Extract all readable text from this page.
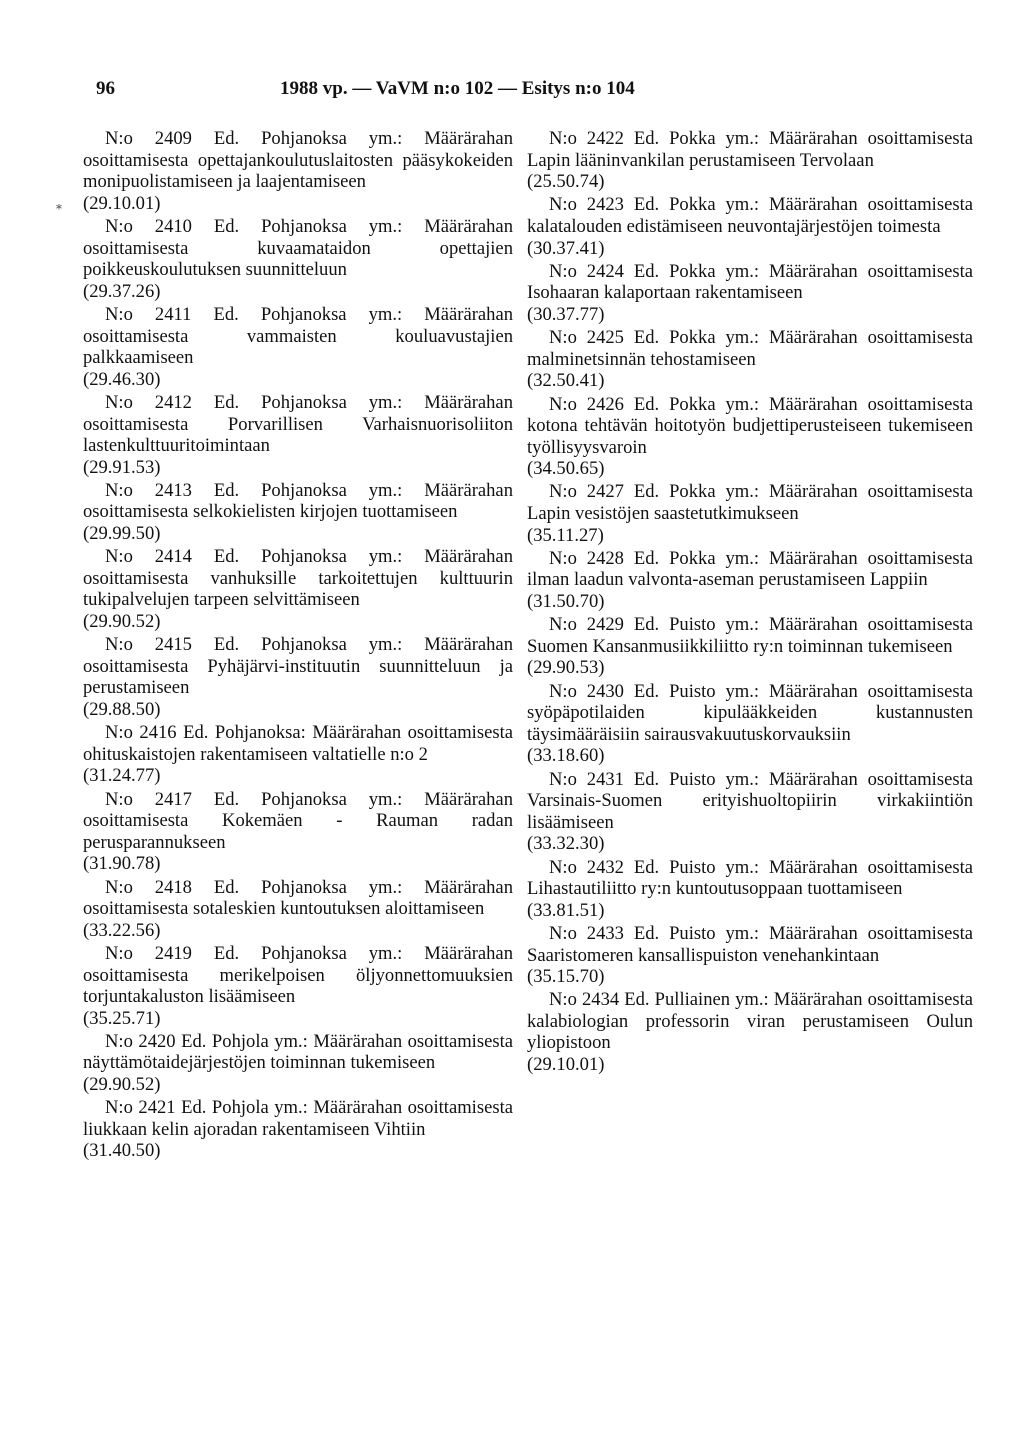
96	1988 vp. — VaVM n:o 102 — Esitys n:o 104
⁎

N:o 2409 Ed. Pohjanoksa ym.: Määrärahan osoittamisesta opettajankoulutuslaitosten pääsykokeiden monipuolistamiseen ja laajentamiseen

(29.10.01)

N:o 2410 Ed. Pohjanoksa ym.: Määrärahan osoittamisesta kuvaamataidon opettajien poikkeuskoulutuksen suunnitteluun

(29.37.26)

N:o 2411 Ed. Pohjanoksa ym.: Määrärahan osoittamisesta vammaisten kouluavustajien palkkaamiseen

(29.46.30)

N:o 2412 Ed. Pohjanoksa ym.: Määrärahan osoittamisesta Porvarillisen Varhaisnuorisoliiton lastenkulttuuritoimintaan

(29.91.53)

N:o 2413 Ed. Pohjanoksa ym.: Määrärahan osoittamisesta selkokielisten kirjojen tuottamiseen

(29.99.50)

N:o 2414 Ed. Pohjanoksa ym.: Määrärahan osoittamisesta vanhuksille tarkoitettujen kulttuurin tukipalvelujen tarpeen selvittämiseen

(29.90.52)

N:o 2415 Ed. Pohjanoksa ym.: Määrärahan osoittamisesta Pyhäjärvi-instituutin suunnitteluun ja perustamiseen

(29.88.50)

N:o 2416 Ed. Pohjanoksa: Määrärahan osoittamisesta ohituskaistojen rakentamiseen valtatielle n:o 2

(31.24.77)

N:o 2417 Ed. Pohjanoksa ym.: Määrärahan osoittamisesta Kokemäen - Rauman radan perusparannukseen

(31.90.78)

N:o 2418 Ed. Pohjanoksa ym.: Määrärahan osoittamisesta sotaleskien kuntoutuksen aloittamiseen

(33.22.56)

N:o 2419 Ed. Pohjanoksa ym.: Määrärahan osoittamisesta merikelpoisen öljyonnettomuuksien torjuntakaluston lisäämiseen

(35.25.71)

N:o 2420 Ed. Pohjola ym.: Määrärahan osoittamisesta näyttämötaidejärjestöjen toiminnan tukemiseen

(29.90.52)

N:o 2421 Ed. Pohjola ym.: Määrärahan osoittamisesta liukkaan kelin ajoradan rakentamiseen Vihtiin

(31.40.50)

N:o 2422 Ed. Pokka ym.: Määrärahan osoittamisesta Lapin lääninvankilan perustamiseen Tervolaan

(25.50.74)

N:o 2423 Ed. Pokka ym.: Määrärahan osoittamisesta kalatalouden edistämiseen neuvontajärjestöjen toimesta

(30.37.41)

N:o 2424 Ed. Pokka ym.: Määrärahan osoittamisesta Isohaaran kalaportaan rakentamiseen

(30.37.77)

N:o 2425 Ed. Pokka ym.: Määrärahan osoittamisesta malminetsinnän tehostamiseen

(32.50.41)

N:o 2426 Ed. Pokka ym.: Määrärahan osoittamisesta kotona tehtävän hoitotyön budjettiperusteiseen tukemiseen työllisyysvaroin

(34.50.65)

N:o 2427 Ed. Pokka ym.: Määrärahan osoittamisesta Lapin vesistöjen saastetutkimukseen

(35.11.27)

N:o 2428 Ed. Pokka ym.: Määrärahan osoittamisesta ilman laadun valvonta-aseman perustamiseen Lappiin

(31.50.70)

N:o 2429 Ed. Puisto ym.: Määrärahan osoittamisesta Suomen Kansanmusiikkiliitto ry:n toiminnan tukemiseen

(29.90.53)

N:o 2430 Ed. Puisto ym.: Määrärahan osoittamisesta syöpäpotilaiden kipulääkkeiden kustannusten täysimääräisiin sairausvakuutuskorvauksiin

(33.18.60)

N:o 2431 Ed. Puisto ym.: Määrärahan osoittamisesta Varsinais-Suomen erityishuoltopiirin virkakiintiön lisäämiseen

(33.32.30)

N:o 2432 Ed. Puisto ym.: Määrärahan osoittamisesta Lihastautiliitto ry:n kuntoutusoppaan tuottamiseen

(33.81.51)

N:o 2433 Ed. Puisto ym.: Määrärahan osoittamisesta Saaristomeren kansallispuiston venehankintaan

(35.15.70)

N:o 2434 Ed. Pulliainen ym.: Määrärahan osoittamisesta kalabiologian professorin viran perustamiseen Oulun yliopistoon

(29.10.01)
